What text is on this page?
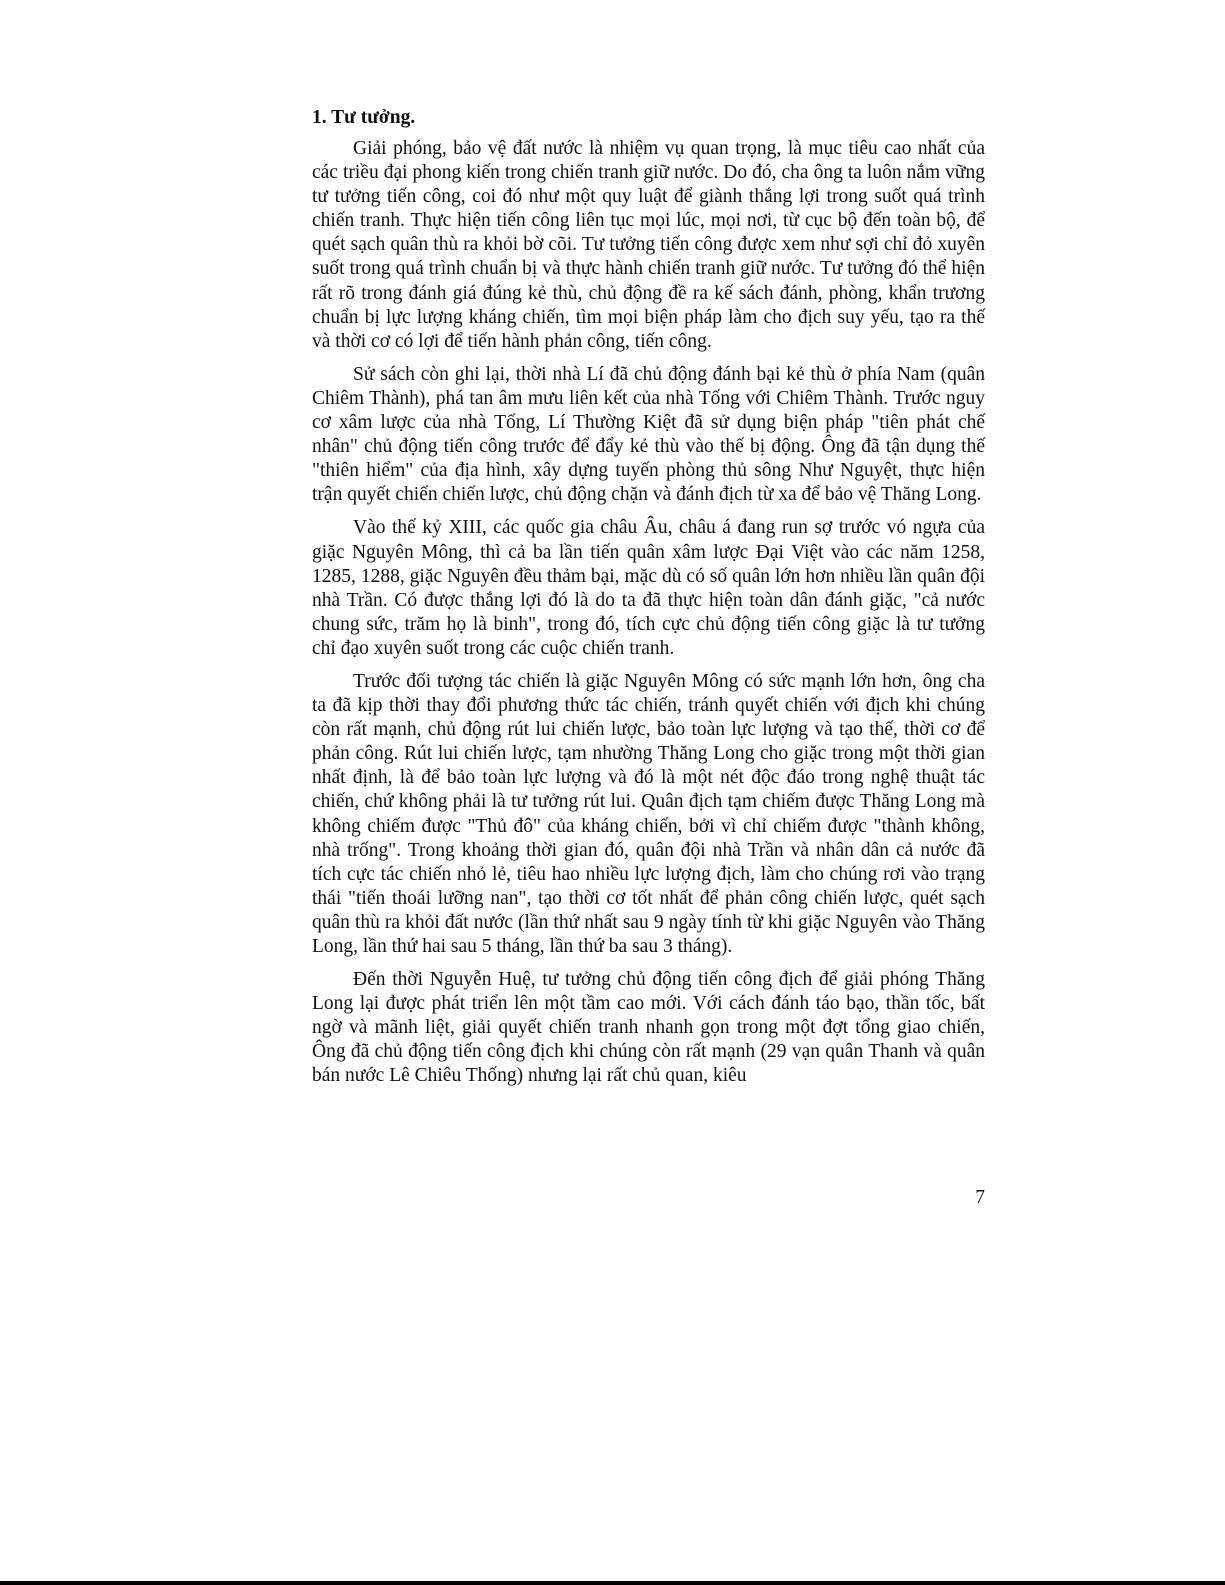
1. Tư tưởng.

Giải phóng, bảo vệ đất nước là nhiệm vụ quan trọng, là mục tiêu cao nhất của các triều đại phong kiến trong chiến tranh giữ nước. Do đó, cha ông ta luôn nắm vững tư tưởng tiến công, coi đó như một quy luật để giành thắng lợi trong suốt quá trình chiến tranh. Thực hiện tiến công liên tục mọi lúc, mọi nơi, từ cục bộ đến toàn bộ, để quét sạch quân thù ra khỏi bờ cõi. Tư tưởng tiến công được xem như sợi chỉ đỏ xuyên suốt trong quá trình chuẩn bị và thực hành chiến tranh giữ nước. Tư tưởng đó thể hiện rất rõ trong đánh giá đúng kẻ thù, chủ động đề ra kế sách đánh, phòng, khẩn trương chuẩn bị lực lượng kháng chiến, tìm mọi biện pháp làm cho địch suy yếu, tạo ra thế và thời cơ có lợi để tiến hành phản công, tiến công.

Sử sách còn ghi lại, thời nhà Lí đã chủ động đánh bại kẻ thù ở phía Nam (quân Chiêm Thành), phá tan âm mưu liên kết của nhà Tống với Chiêm Thành. Trước nguy cơ xâm lược của nhà Tống, Lí Thường Kiệt đã sử dụng biện pháp "tiên phát chế nhân" chủ động tiến công trước để đẩy kẻ thù vào thế bị động. Ông đã tận dụng thế "thiên hiểm" của địa hình, xây dựng tuyến phòng thủ sông Như Nguyệt, thực hiện trận quyết chiến chiến lược, chủ động chặn và đánh địch từ xa để bảo vệ Thăng Long.

Vào thế kỷ XIII, các quốc gia châu Âu, châu á đang run sợ trước vó ngựa của giặc Nguyên Mông, thì cả ba lần tiến quân xâm lược Đại Việt vào các năm 1258, 1285, 1288, giặc Nguyên đều thảm bại, mặc dù có số quân lớn hơn nhiều lần quân đội nhà Trần. Có được thắng lợi đó là do ta đã thực hiện toàn dân đánh giặc, "cả nước chung sức, trăm họ là binh", trong đó, tích cực chủ động tiến công giặc là tư tưởng chỉ đạo xuyên suốt trong các cuộc chiến tranh.

Trước đối tượng tác chiến là giặc Nguyên Mông có sức mạnh lớn hơn, ông cha ta đã kịp thời thay đổi phương thức tác chiến, tránh quyết chiến với địch khi chúng còn rất mạnh, chủ động rút lui chiến lược, bảo toàn lực lượng và tạo thế, thời cơ để phản công. Rút lui chiến lược, tạm nhường Thăng Long cho giặc trong một thời gian nhất định, là để bảo toàn lực lượng và đó là một nét độc đáo trong nghệ thuật tác chiến, chứ không phải là tư tưởng rút lui. Quân địch tạm chiếm được Thăng Long mà không chiếm được "Thủ đô" của kháng chiến, bởi vì chỉ chiếm được "thành không, nhà trống". Trong khoảng thời gian đó, quân đội nhà Trần và nhân dân cả nước đã tích cực tác chiến nhỏ lẻ, tiêu hao nhiều lực lượng địch, làm cho chúng rơi vào trạng thái "tiến thoái lưỡng nan", tạo thời cơ tốt nhất để phản công chiến lược, quét sạch quân thù ra khỏi đất nước (lần thứ nhất sau 9 ngày tính từ khi giặc Nguyên vào Thăng Long, lần thứ hai sau 5 tháng, lần thứ ba sau 3 tháng).

Đến thời Nguyễn Huệ, tư tưởng chủ động tiến công địch để giải phóng Thăng Long lại được phát triển lên một tầm cao mới. Với cách đánh táo bạo, thần tốc, bất ngờ và mãnh liệt, giải quyết chiến tranh nhanh gọn trong một đợt tổng giao chiến, Ông đã chủ động tiến công địch khi chúng còn rất mạnh (29 vạn quân Thanh và quân bán nước Lê Chiêu Thống) nhưng lại rất chủ quan, kiêu

7
